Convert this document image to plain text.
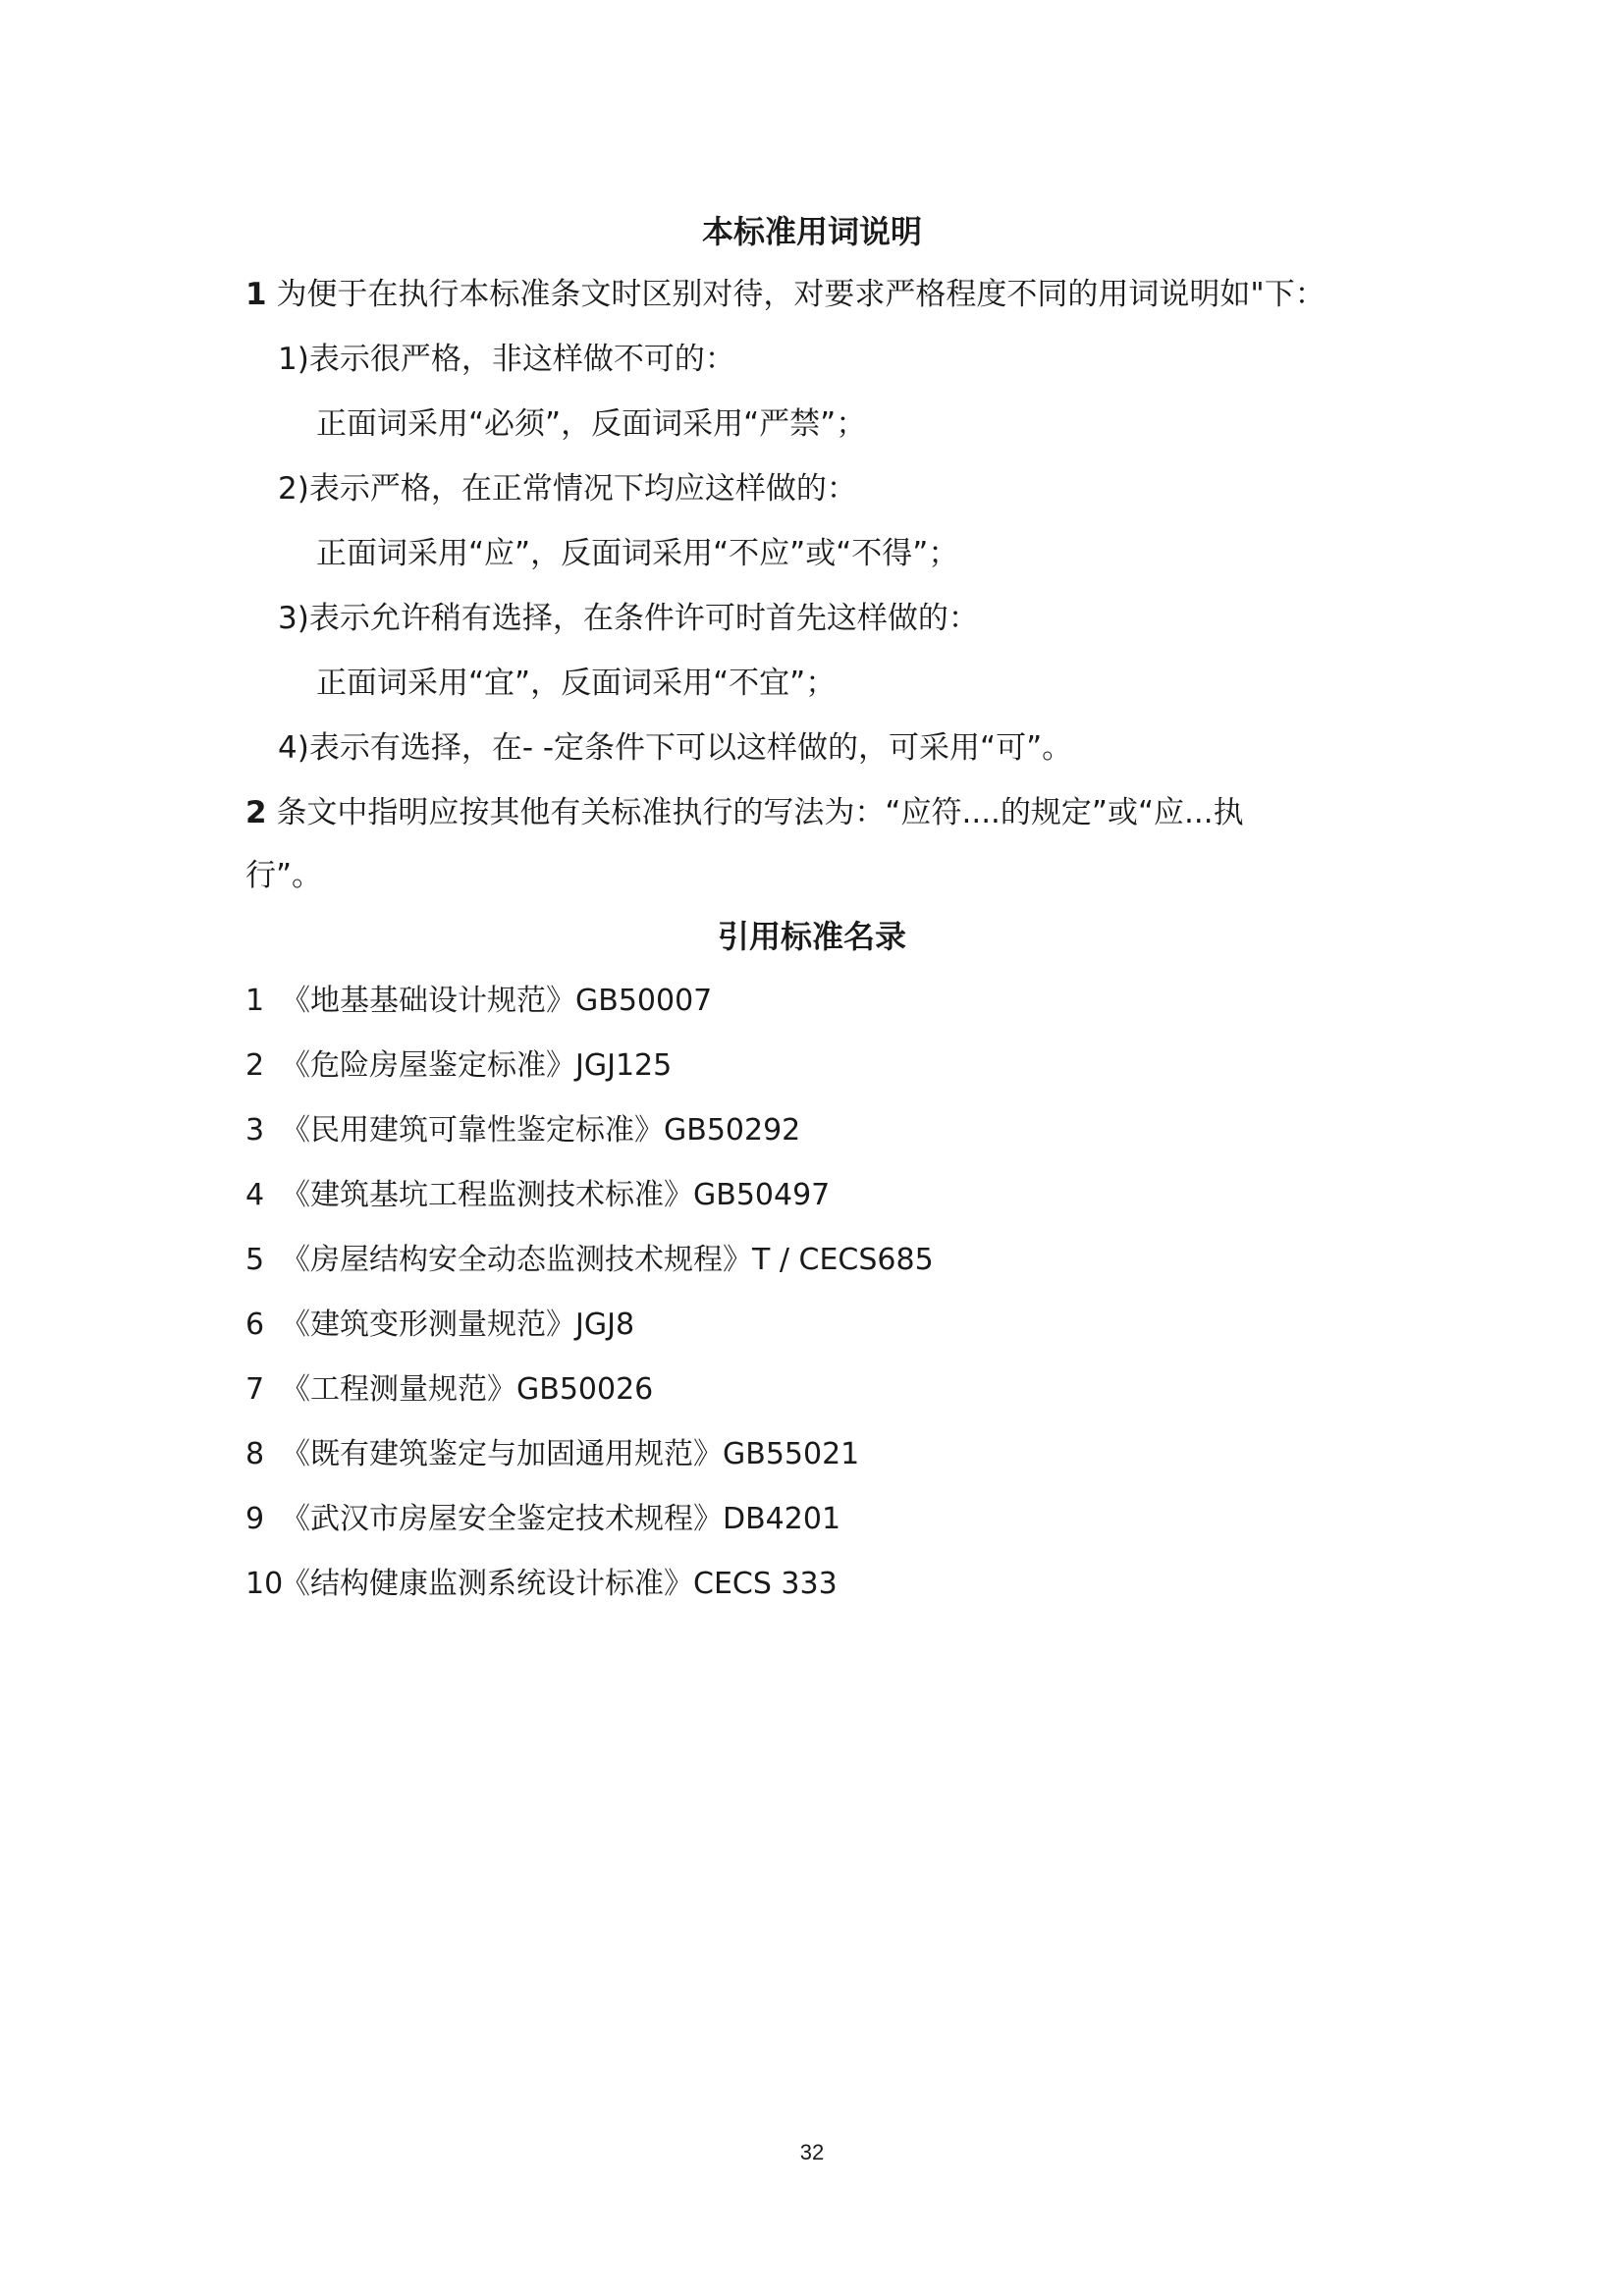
本标准用词说明
1 为便于在执行本标准条文时区别对待，对要求严格程度不同的用词说明如"下：
1)表示很严格，非这样做不可的：
正面词采用“必须”，反面词采用“严禁”；
2)表示严格，在正常情况下均应这样做的：
正面词采用“应”，反面词采用“不应”或“不得”；
3)表示允许稍有选择，在条件许可时首先这样做的：
正面词采用“宜”，反面词采用“不宜”；
4)表示有选择，在- -定条件下可以这样做的，可采用“可”。
2 条文中指明应按其他有关标准执行的写法为：“应符....的规定”或“应...执
行”。
引用标准名录
1 《地基基础设计规范》GB50007
2 《危险房屋鉴定标准》JGJ125
3 《民用建筑可靠性鉴定标准》GB50292
4 《建筑基坑工程监测技术标准》GB50497
5 《房屋结构安全动态监测技术规程》T / CECS685
6 《建筑变形测量规范》JGJ8
7 《工程测量规范》GB50026
8 《既有建筑鉴定与加固通用规范》GB55021
9 《武汉市房屋安全鉴定技术规程》DB4201
10《结构健康监测系统设计标准》CECS 333
32
